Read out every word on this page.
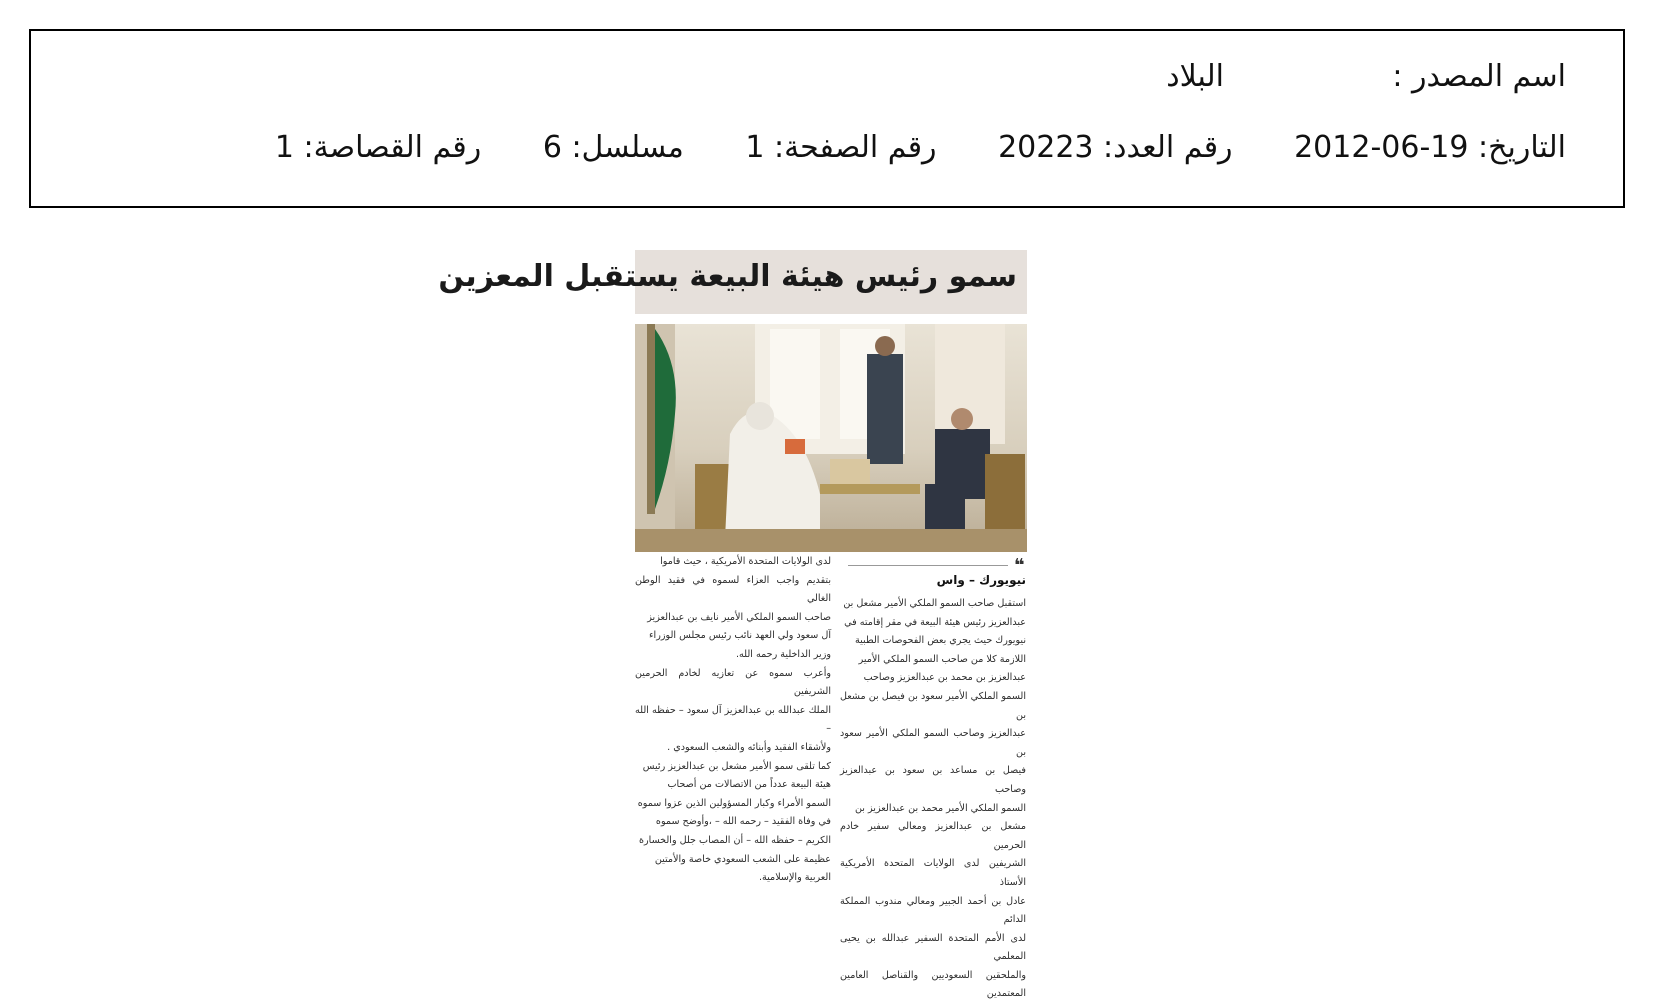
اسم المصدر :
البلاد
التاريخ: 19-06-2012 رقم العدد: 20223 رقم الصفحة: 1 مسلسل: 6 رقم القصاصة: 1
سمو رئيس هيئة البيعة يستقبل المعزين
❝
نيويورك – واس
استقبل صاحب السمو الملكي الأمير مشعل بن
عبدالعزيز رئيس هيئة البيعة في مقر إقامته في
نيويورك حيث يجري بعض الفحوصات الطبية
اللازمة كلا من صاحب السمو الملكي الأمير
عبدالعزيز بن محمد بن عبدالعزيز وصاحب
السمو الملكي الأمير سعود بن فيصل بن مشعل بن
عبدالعزيز وصاحب السمو الملكي الأمير سعود بن
فيصل بن مساعد بن سعود بن عبدالعزيز وصاحب
السمو الملكي الأمير محمد بن عبدالعزيز بن
مشعل بن عبدالعزيز ومعالي سفير خادم الحرمين
الشريفين لدى الولايات المتحدة الأمريكية الأستاذ
عادل بن أحمد الجبير ومعالي مندوب المملكة الدائم
لدى الأمم المتحدة السفير عبدالله بن يحيى المعلمي
والملحقين السعوديين والقناصل العامين المعتمدين
لدى الولايات المتحدة الأمريكية ، حيث قاموا
بتقديم واجب العزاء لسموه في فقيد الوطن الغالي
صاحب السمو الملكي الأمير نايف بن عبدالعزيز
آل سعود ولي العهد نائب رئيس مجلس الوزراء
وزير الداخلية رحمه الله.
وأعرب سموه عن تعازيه لخادم الحرمين الشريفين
الملك عبدالله بن عبدالعزيز آل سعود – حفظه الله –
ولأشقاء الفقيد وأبنائه والشعب السعودي .
كما تلقى سمو الأمير مشعل بن عبدالعزيز رئيس
هيئة البيعة عدداً من الاتصالات من أصحاب
السمو الأمراء وكبار المسؤولين الذين عزوا سموه
في وفاة الفقيد – رحمه الله – ،وأوضح سموه
الكريم – حفظه الله – أن المصاب جلل والخسارة
عظيمة على الشعب السعودي خاصة والأمتين
العربية والإسلامية.
